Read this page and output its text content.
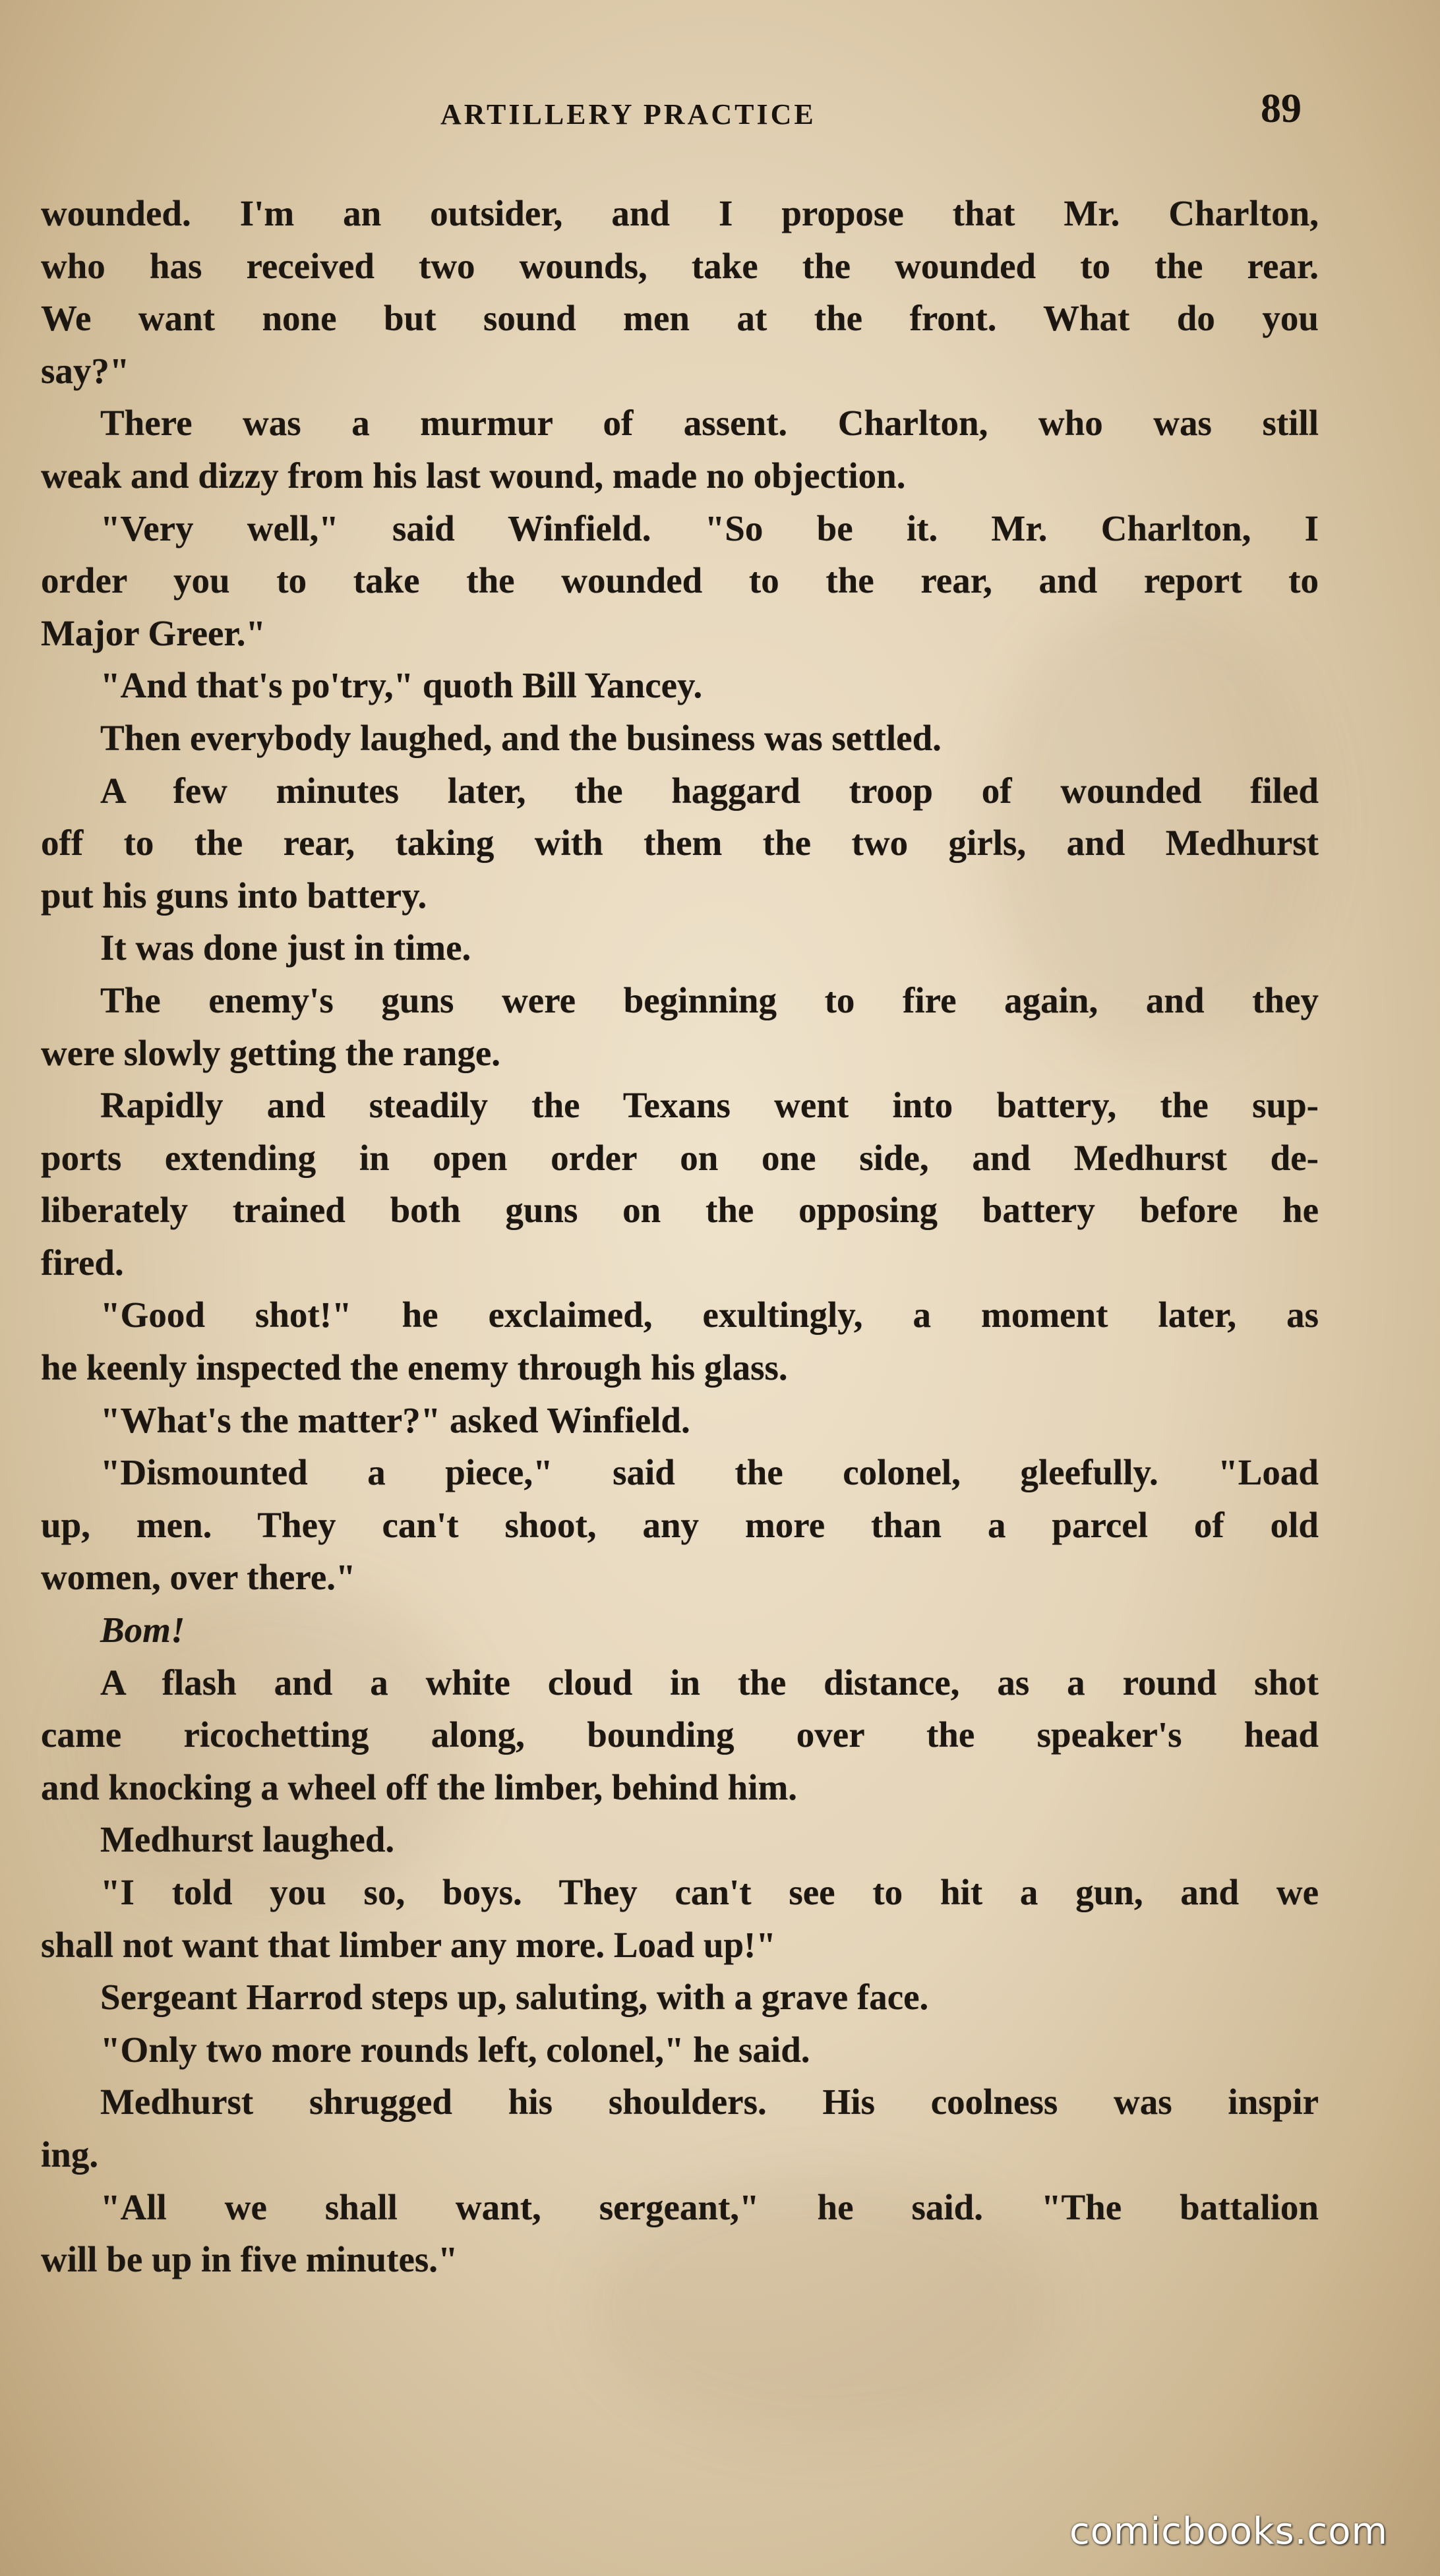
ARTILLERY PRACTICE	89
wounded. I'm an outsider, and I propose that Mr. Charlton,
who has received two wounds, take the wounded to the rear.
We want none but sound men at the front. What do you
say?"
There was a murmur of assent. Charlton, who was still
weak and dizzy from his last wound, made no objection.
"Very well," said Winfield. "So be it. Mr. Charlton, I
order you to take the wounded to the rear, and report to
Major Greer."
"And that's po'try," quoth Bill Yancey.
Then everybody laughed, and the business was settled.
A few minutes later, the haggard troop of wounded filed
off to the rear, taking with them the two girls, and Medhurst
put his guns into battery.
It was done just in time.
The enemy's guns were beginning to fire again, and they
were slowly getting the range.
Rapidly and steadily the Texans went into battery, the sup-
ports extending in open order on one side, and Medhurst de-
liberately trained both guns on the opposing battery before he
fired.
"Good shot!" he exclaimed, exultingly, a moment later, as
he keenly inspected the enemy through his glass.
"What's the matter?" asked Winfield.
"Dismounted a piece," said the colonel, gleefully. "Load
up, men. They can't shoot, any more than a parcel of old
women, over there."
Bom!
A flash and a white cloud in the distance, as a round shot
came ricochetting along, bounding over the speaker's head
and knocking a wheel off the limber, behind him.
Medhurst laughed.
"I told you so, boys. They can't see to hit a gun, and we
shall not want that limber any more. Load up!"
Sergeant Harrod steps up, saluting, with a grave face.
"Only two more rounds left, colonel," he said.
Medhurst shrugged his shoulders. His coolness was inspir
ing.
"All we shall want, sergeant," he said. "The battalion
will be up in five minutes."
comicbooks.com
